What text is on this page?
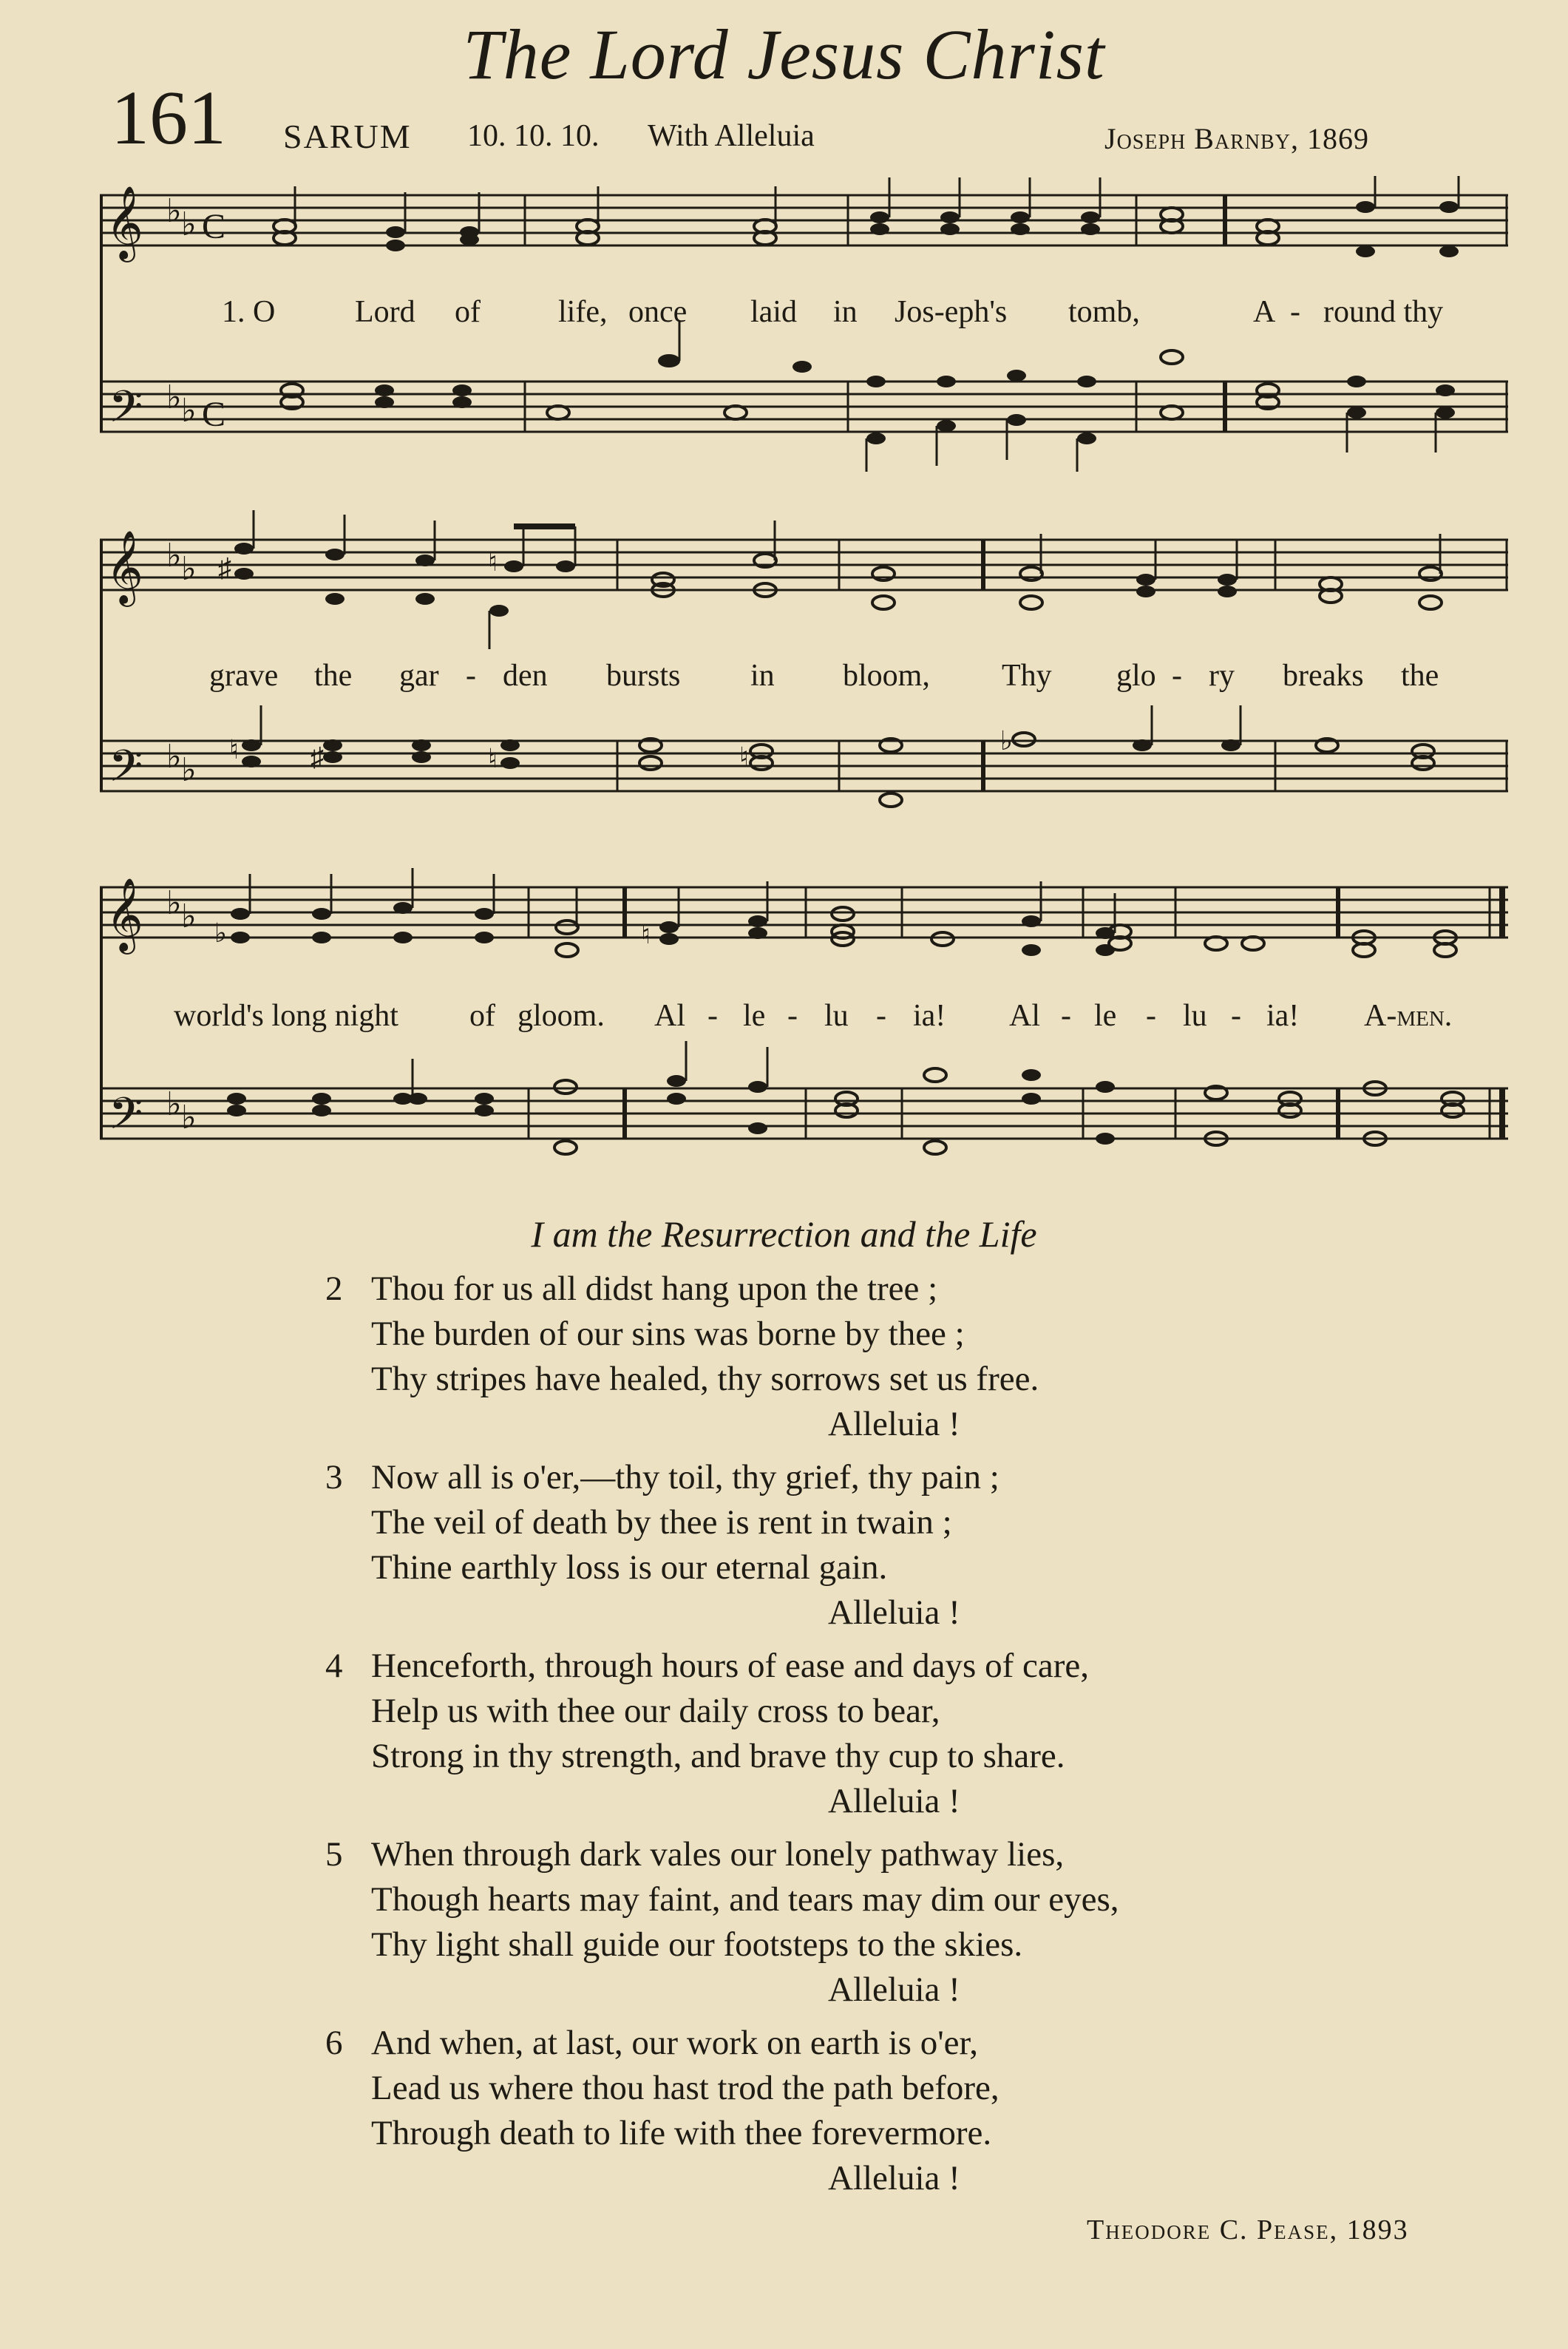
The Lord Jesus Christ
161 SARUM 10. 10. 10. With Alleluia	Joseph Barnby, 1869
𝄞
𝄢
♭ ♭
♭ ♭
C
C
1. O	Lord of	life, once laid in Jos-eph's tomb,	A - round thy
𝄞
𝄢
♭ ♭
♭ ♭
♮	♯	♮	♮
♭
♯	♮
grave the gar - den bursts in bloom, Thy glo - ry breaks the
𝄞
𝄢
♭ ♭
♭ ♭
♭	♮
world's long night of gloom. Al - le - lu - ia! Al - le - lu - ia! A-men.
I am the Resurrection and the Life
2 Thou for us all didst hang upon the tree ;
The burden of our sins was borne by thee ;
Thy stripes have healed, thy sorrows set us free.
Alleluia !
3 Now all is o'er,—thy toil, thy grief, thy pain ;
The veil of death by thee is rent in twain ;
Thine earthly loss is our eternal gain.
Alleluia !
4 Henceforth, through hours of ease and days of care,
Help us with thee our daily cross to bear,
Strong in thy strength, and brave thy cup to share.
Alleluia !
5 When through dark vales our lonely pathway lies,
Though hearts may faint, and tears may dim our eyes,
Thy light shall guide our footsteps to the skies.
Alleluia !
6 And when, at last, our work on earth is o'er,
Lead us where thou hast trod the path before,
Through death to life with thee forevermore.
Alleluia !
Theodore C. Pease, 1893
